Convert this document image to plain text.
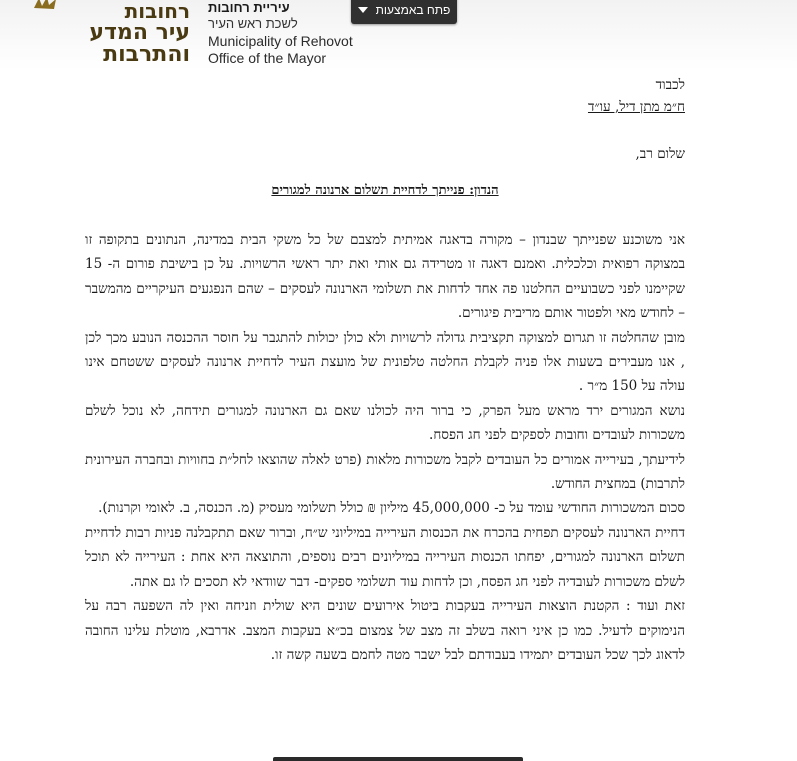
רחובות
עיר המדע
והתרבות
עיריית רחובות
לשכת ראש העיר
Municipality of Rehovot
Office of the Mayor
פתח באמצעות
לכבוד
ח״מ מתן דיל, עו״ד
שלום רב,
הנדון: פנייתך לדחיית תשלום ארנונה למגורים

אני משוכנע שפנייתך שבנדון – מקורה בדאגה אמיתית למצבם של כל משקי הבית במדינה, הנתונים בתקופה זו במצוקה רפואית וכלכלית. ואמנם דאגה זו מטרידה גם אותי ואת יתר ראשי הרשויות. על כן בישיבת פורום ה- 15 שקיימנו לפני כשבועיים החלטנו פה אחד לדחות את תשלומי הארנונה לעסקים – שהם הנפגעים העיקריים מהמשבר – לחודש מאי ולפטור אותם מריבית פיגורים.

מובן שהחלטה זו תגרום למצוקה תקציבית גדולה לרשויות ולא כולן יכולות להתגבר על חוסר ההכנסה הנובע מכך לכן , אנו מעבירים בשעות אלו פניה לקבלת החלטה טלפונית של מועצת העיר לדחיית ארנונה לעסקים ששטחם אינו עולה על 150 מ״ר .

נושא המגורים ירד מראש מעל הפרק, כי ברור היה לכולנו שאם גם הארנונה למגורים תידחה, לא נוכל לשלם משכורות לעובדים וחובות לספקים לפני חג הפסח.

לידיעתך, בעירייה אמורים כל העובדים לקבל משכורות מלאות (פרט לאלה שהוצאו לחל״ת בחוויות ובחברה העירונית לתרבות) במחצית החודש.

סכום המשכורות החודשי עומד על כ- 45,000,000 מיליון ₪ כולל תשלומי מעסיק (מ. הכנסה, ב. לאומי וקרנות).

דחיית הארנונה לעסקים תפחית בהכרח את הכנסות העירייה במיליוני ש״ח, וברור שאם תתקבלנה פניות רבות לדחיית תשלום הארנונה למגורים, יפחתו הכנסות העירייה במיליונים רבים נוספים, והתוצאה היא אחת : העירייה לא תוכל לשלם משכורות לעובדיה לפני חג הפסח, וכן לדחות עוד תשלומי ספקים- דבר שוודאי לא תסכים לו גם אתה.

זאת ועוד : הקטנת הוצאות העירייה בעקבות ביטול אירועים שונים היא שולית וזניחה ואין לה השפעה רבה על הנימוקים לדעיל. כמו כן איני רואה בשלב זה מצב של צמצום בכ״א בעקבות המצב. אדרבא, מוטלת עלינו החובה לדאוג לכך שכל העובדים יתמידו בעבודתם לבל ישבר מטה לחמם בשעה קשה זו.
